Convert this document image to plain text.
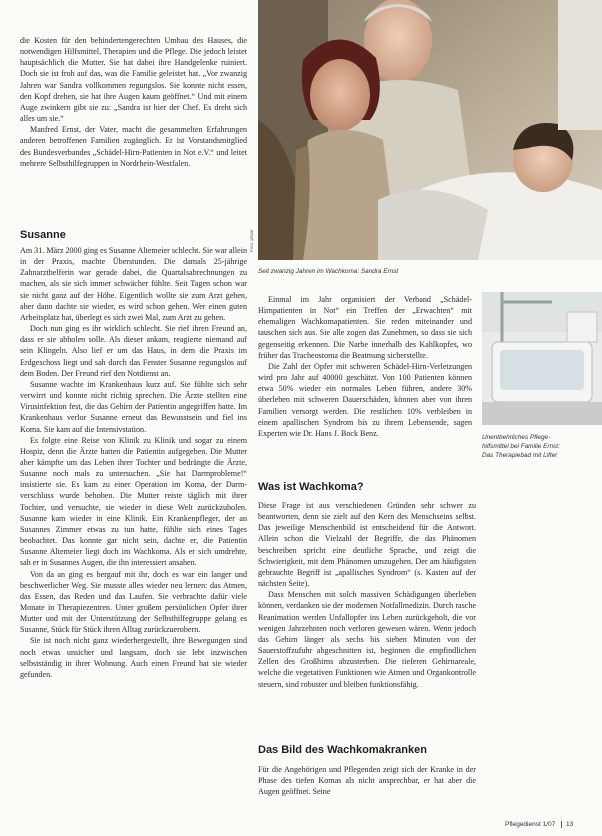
die Kosten für den behindertengerechten Umbau des Hauses, die notwendigen Hilfsmittel, Therapien und die Pflege. Die jedoch leistet hauptsächlich die Mutter. Sie hat dabei ihre Handgelenke ruiniert. Doch sie ist froh auf das, was die Familie geleistet hat. „Vor zwanzig Jahren war Sandra vollkommen regungslos. Sie konnte nicht essen, den Kopf drehen, sie hat ihre Augen kaum geöffnet.“ Und mit einem Auge zwinkern gibt sie zu: „Sandra ist hier der Chef. Es dreht sich alles um sie.“

Manfred Ernst, der Vater, macht die gesammelten Erfahrungen anderen betroffenen Familien zugänglich. Er ist Vorstandsmitglied des Bundesverbandes „Schädel-Hirn-Patienten in Not e.V.“ und leitet mehrere Selbsthilfegruppen in Nordrhein-Westfalen.

Susanne

Am 31. März 2000 ging es Susanne Altemeier schlecht. Sie war allein in der Praxis, machte Überstunden. Die damals 25-jährige Zahnarzthelferin war gerade dabei, die Quartalsabrechnungen zu machen, als sie sich immer schwächer fühlte. Seit Tagen schon war sie nicht ganz auf der Höhe. Eigentlich wollte sie zum Arzt gehen, aber dann dachte sie wieder, es wird schon gehen. Wer einen guten Arbeitsplatz hat, überlegt es sich zwei Mal, zum Arzt zu gehen.

Doch nun ging es ihr wirklich schlecht. Sie rief ihren Freund an, dass er sie abholen solle. Als dieser ankam, reagierte niemand auf sein Klingeln. Also lief er um das Haus, in dem die Praxis im Erdgeschoss liegt und sah durch das Fenster Susanne regungslos auf dem Boden. Der Freund rief den Notdienst an.

Susanne wachte im Krankenhaus kurz auf. Sie fühlte sich sehr verwirrt und konnte nicht richtig sprechen. Die Ärzte stellten eine Virusinfektion fest, die das Gehirn der Patientin angegriffen hatte. Im Krankenhaus verlor Susanne erneut das Bewusstsein und fiel ins Koma. Sie kam auf die Intensivstation.

Es folgte eine Reise von Klinik zu Klinik und sogar zu einem Hospiz, denn die Ärzte hatten die Patientin aufgegeben. Die Mutter aber kämpfte um das Leben ihrer Tochter und bedrängte die Ärzte, Susanne noch mals zu untersuchen. „Sie hat Darmprobleme!“ insistierte sie. Es kam zu einer Operation im Koma, der Darm-verschluss wurde behoben. Die Mutter reiste täglich mit ihrer Tochter, und versuchte, sie wieder in diese Welt zurückzuholen. Susanne kam wieder in eine Klinik. Ein Krankenpfleger, der an Susannes Zimmer etwas zu tun hatte, fühlte sich eines Tages beobachtet. Das konnte gar nicht sein, dachte er, die Patientin Susanne Altemeier liegt doch im Wachkoma. Als er sich umdrehte, sah er in Susannes Augen, die ihn interessiert ansahen.

Von da an ging es bergauf mit ihr, doch es war ein langer und beschwerlicher Weg. Sie musste alles wieder neu lernen: das Atmen, das Essen, das Reden und das Laufen. Sie verbrachte dafür viele Monate in Therapiezentren. Unter großem persönlichen Opfer ihrer Mutter und mit der Unterstützung der Selbsthilfegruppe gelang es Susanne, Stück für Stück ihren Alltag zurückzuerobern.

Sie ist noch nicht ganz wiederhergestellt, ihre Bewegungen sind noch etwas unsicher und langsam, doch sie lebt inzwischen selbstständig in ihrer Wohnung. Auch einen Freund hat sie wieder gefunden.

Foto: privat
Seit zwanzig Jahren im Wachkoma: Sandra Ernst

Einmal im Jahr organisiert der Verband „Schädel-Hirnpatienten in Not“ ein Treffen der „Erwachten“ mit ehemaligen Wachkomapatienten. Sie reden miteinander und tauschen sich aus. Sie alle zogen das Zunehmen, so dass sie sich gegenseitig erkennen. Die Narbe innerhalb des Kahlkopfes, wo früher das Tracheostoma die Beatmung sicherstellte.

Die Zahl der Opfer mit schweren Schädel-Hirn-Verletzungen wird pro Jahr auf 40000 geschätzt. Von 100 Patienten können etwa 50% wieder ein normales Leben führen, andere 30% überleben mit schweren Dauerschäden, können aber von ihren Familien versorgt werden. Die restlichen 10% verbleiben in einem apallischen Syndrom bis zu ihrem Lebensende, sagen Experten wie Dr. Hans J. Bock Benz.	Unentbehrliches Pflege-
hilfsmittel bei Familie Ernst:
Das Therapiebad mit Lifter
Was ist Wachkoma?

Diese Frage ist aus verschiedenen Gründen sehr schwer zu beantworten, denn sie zielt auf den Kern des Menschseins selbst. Das jeweilige Menschenbild ist entscheidend für die Antwort. Allein schon die Vielzahl der Begriffe, die das Phänomen beschreiben spricht eine deutliche Sprache, und zeigt die Schwierigkeit, mit dem Phänomen umzugehen. Der am häufigsten gebrauchte Begriff ist „apallisches Syndrom“ (s. Kasten auf der nächsten Seite).

Dass Menschen mit solch massiven Schädigungen überleben können, verdanken sie der modernen Notfallmedizin. Durch rasche Reanimation werden Unfallopfer ins Leben zurückgeholt, die vor wenigen Jahrzehnten noch verloren gewesen wären. Wenn jedoch das Gehirn länger als sechs bis sieben Minuten von der Sauerstoffzufuhr abgeschnitten ist, beginnen die empfindlichen Zellen des Großhirns abzusterben. Die tieferen Gehirnareale, welche die vegetativen Funktionen wie Atmen und Organkontrolle steuern, sind robuster und bleiben funktionsfähig.

Das Bild des Wachkomakranken

Für die Angehörigen und Pflegenden zeigt sich der Kranke in der Phase des tiefen Komas als nicht ansprechbar, er hat aber die Augen geöffnet. Seine

Pflegedienst 1/07 13
